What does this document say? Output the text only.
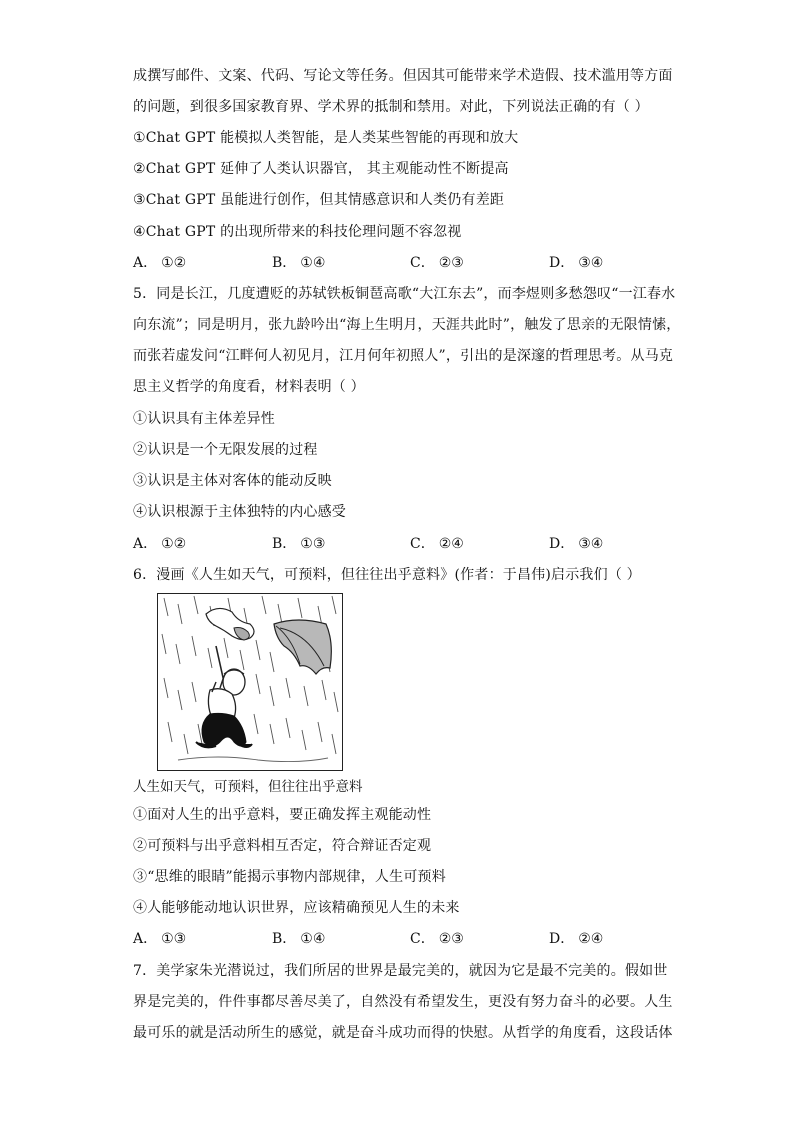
成撰写邮件、文案、代码、写论文等任务。但因其可能带来学术造假、技术滥用等方面
的问题，到很多国家教育界、学术界的抵制和禁用。对此，下列说法正确的有（ ）
①Chat GPT 能模拟人类智能，是人类某些智能的再现和放大
②Chat GPT 延伸了人类认识器官， 其主观能动性不断提高
③Chat GPT 虽能进行创作，但其情感意识和人类仍有差距
④Chat GPT 的出现所带来的科技伦理问题不容忽视
A． ①②	B． ①④	C． ②③	D． ③④
5．同是长江，几度遭贬的苏轼铁板铜琶高歌“大江东去”，而李煜则多愁怨叹“一江春水
向东流”；同是明月，张九龄吟出“海上生明月，天涯共此时”，触发了思亲的无限情愫，
而张若虚发问“江畔何人初见月，江月何年初照人”，引出的是深邃的哲理思考。从马克
思主义哲学的角度看，材料表明（ ）
①认识具有主体差异性
②认识是一个无限发展的过程
③认识是主体对客体的能动反映
④认识根源于主体独特的内心感受
A． ①②	B． ①③	C． ②④	D． ③④
6．漫画《人生如天气，可预料，但往往出乎意料》(作者：于昌伟)启示我们（ ）
人生如天气，可预料，但往往出乎意料
①面对人生的出乎意料，要正确发挥主观能动性
②可预料与出乎意料相互否定，符合辩证否定观
③“思维的眼睛”能揭示事物内部规律，人生可预料
④人能够能动地认识世界，应该精确预见人生的未来
A． ①③	B． ①④	C． ②③	D． ②④
7．美学家朱光潜说过，我们所居的世界是最完美的，就因为它是最不完美的。假如世
界是完美的，件件事都尽善尽美了，自然没有希望发生，更没有努力奋斗的必要。人生
最可乐的就是活动所生的感觉，就是奋斗成功而得的快慰。从哲学的角度看，这段话体
